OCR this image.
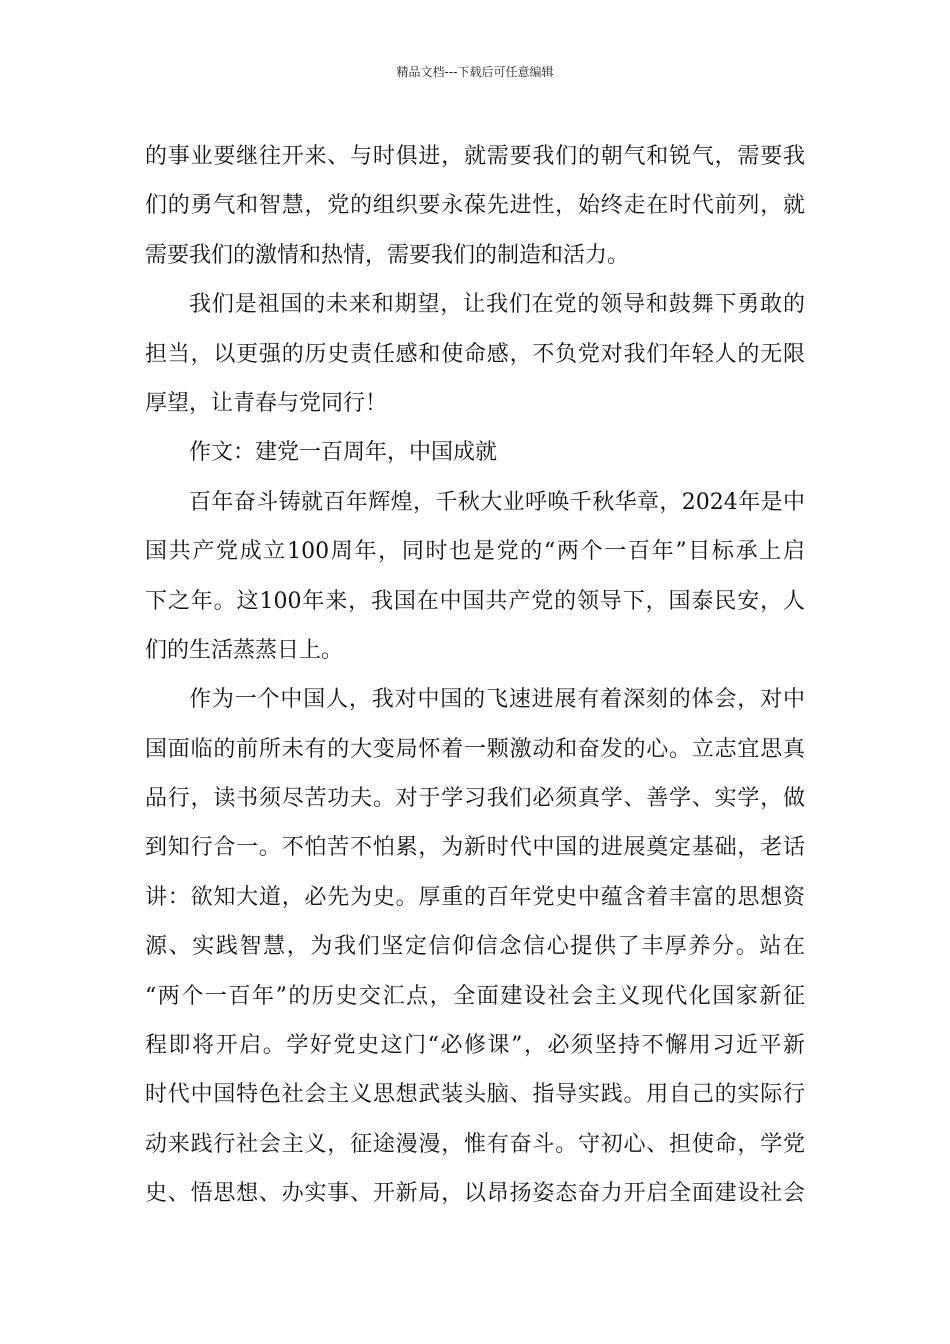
精品文档---下载后可任意编辑
的事业要继往开来、与时俱进，就需要我们的朝气和锐气，需要我
们的勇气和智慧，党的组织要永葆先进性，始终走在时代前列，就
需要我们的激情和热情，需要我们的制造和活力。
我们是祖国的未来和期望，让我们在党的领导和鼓舞下勇敢的
担当，以更强的历史责任感和使命感，不负党对我们年轻人的无限
厚望，让青春与党同行！
作文：建党一百周年，中国成就
百年奋斗铸就百年辉煌，千秋大业呼唤千秋华章，2024年是中
国共产党成立100周年，同时也是党的“两个一百年”目标承上启
下之年。这100年来，我国在中国共产党的领导下，国泰民安，人
们的生活蒸蒸日上。
作为一个中国人，我对中国的飞速进展有着深刻的体会，对中
国面临的前所未有的大变局怀着一颗激动和奋发的心。立志宜思真
品行，读书须尽苦功夫。对于学习我们必须真学、善学、实学，做
到知行合一。不怕苦不怕累，为新时代中国的进展奠定基础，老话
讲：欲知大道，必先为史。厚重的百年党史中蕴含着丰富的思想资
源、实践智慧，为我们坚定信仰信念信心提供了丰厚养分。站在
“两个一百年”的历史交汇点，全面建设社会主义现代化国家新征
程即将开启。学好党史这门“必修课”，必须坚持不懈用习近平新
时代中国特色社会主义思想武装头脑、指导实践。用自己的实际行
动来践行社会主义，征途漫漫，惟有奋斗。守初心、担使命，学党
史、悟思想、办实事、开新局，以昂扬姿态奋力开启全面建设社会
